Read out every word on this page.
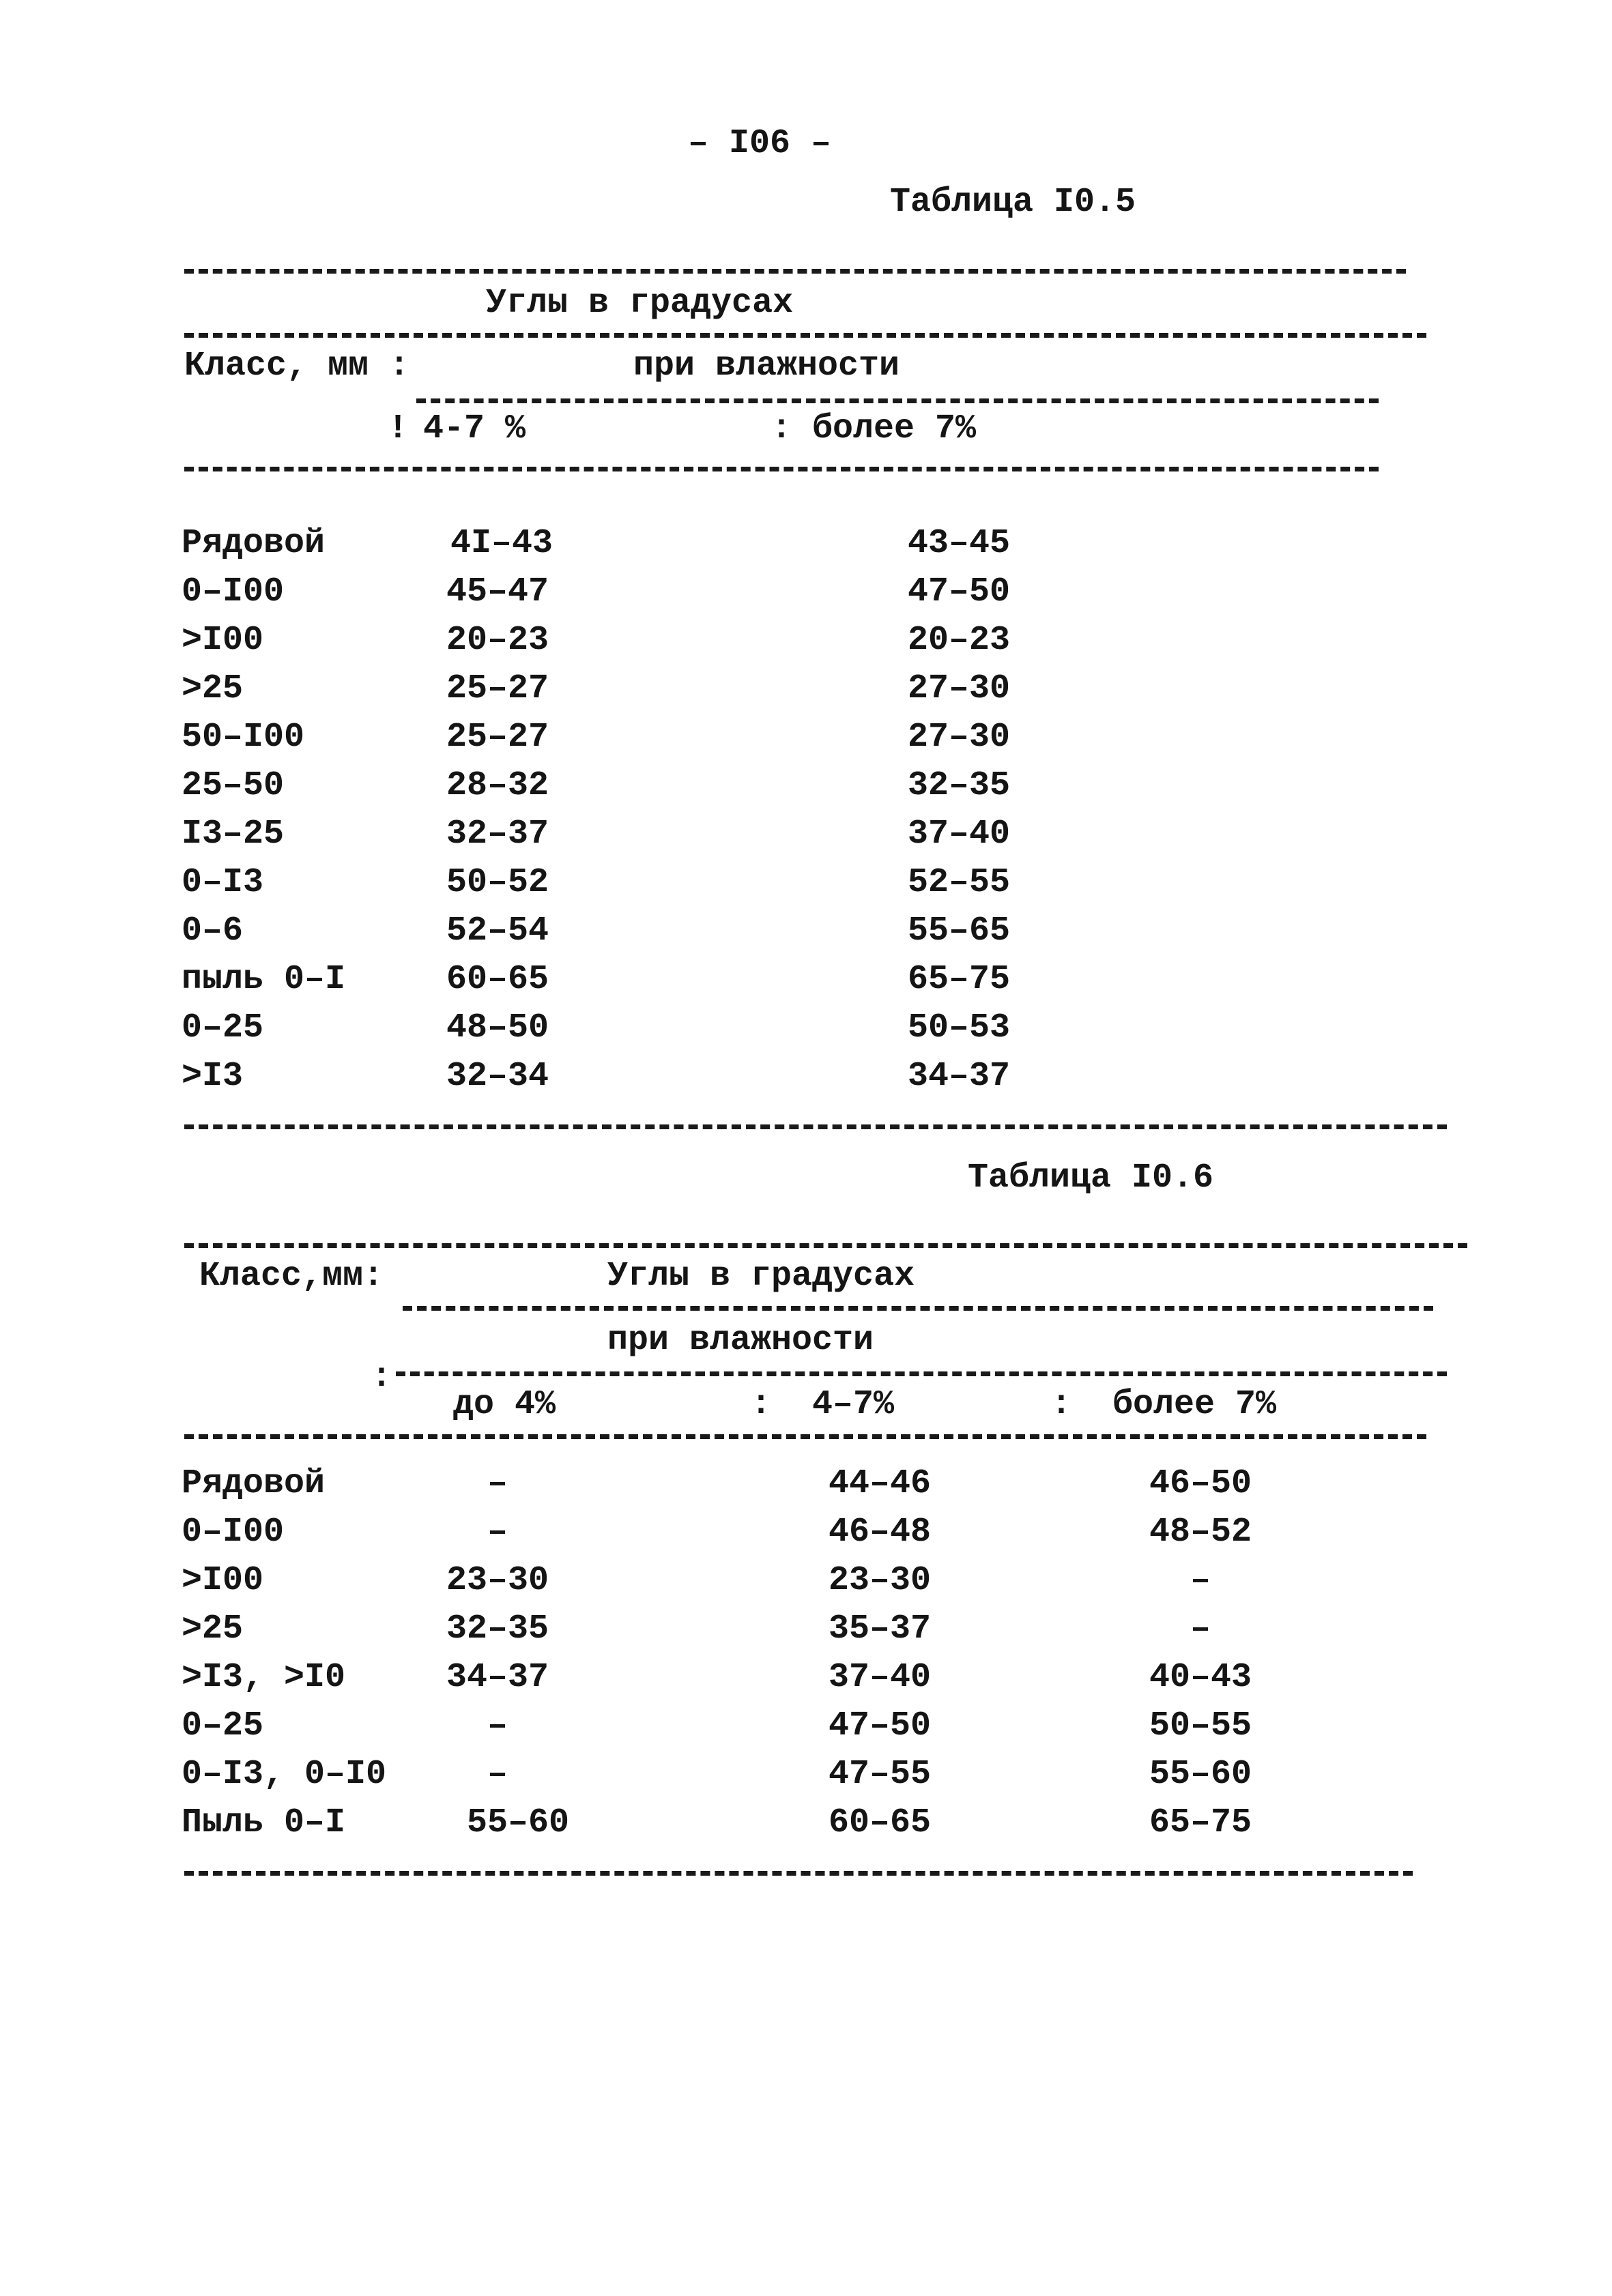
– I06 –
Таблица I0.5
Углы в градусах
Класс, мм :	при влажности
! 4-7 %	: более 7%
Рядовой	4I–43	43–45
0–I00	45–47	47–50
>I00	20–23	20–23
>25	25–27	27–30
50–I00	25–27	27–30
25–50	28–32	32–35
I3–25	32–37	37–40
0–I3	50–52	52–55
0–6	52–54	55–65
пыль 0–I	60–65	65–75
0–25	48–50	50–53
>I3	32–34	34–37
Таблица I0.6
Класс,мм:	Углы в градусах
при влажности
:
до 4%	:  4–7%	:  более 7%
Рядовой	–	44–46	46–50
0–I00	–	46–48	48–52
>I00	23–30	23–30	–
>25	32–35	35–37	–
>I3, >I0	34–37	37–40	40–43
0–25	–	47–50	50–55
0–I3, 0–I0	–	47–55	55–60
Пыль 0–I	55–60	60–65	65–75
